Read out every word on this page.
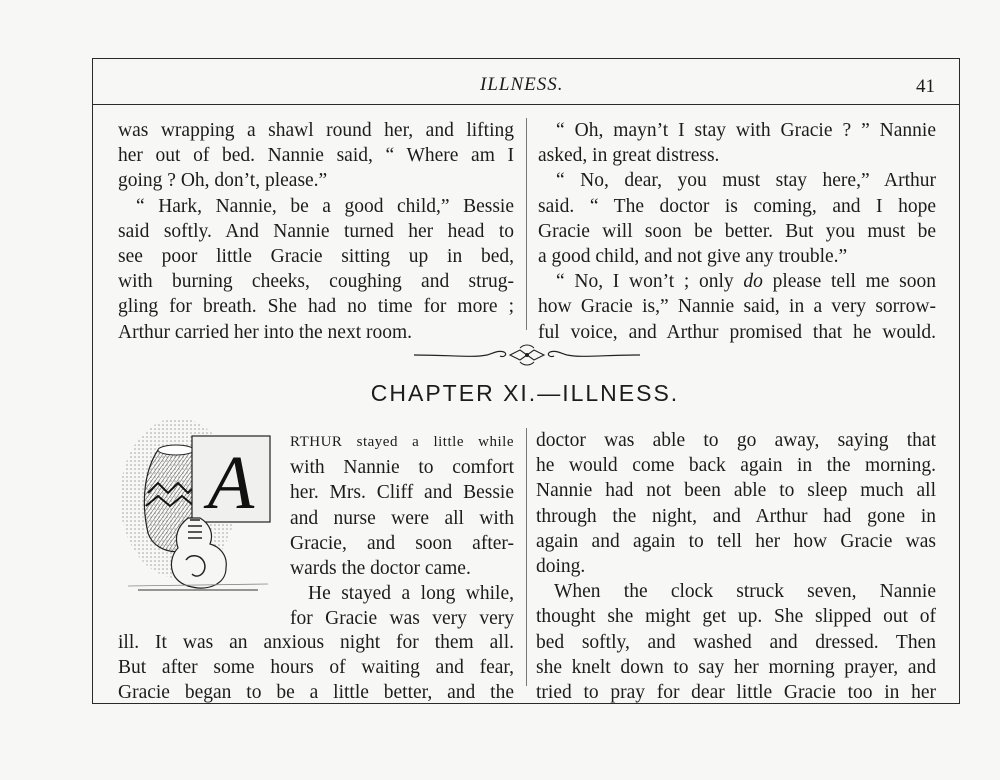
ILLNESS.	41
was wrapping a shawl round her, and lifting
her out of bed. Nannie said, “ Where am I
going ? Oh, don’t, please.”
“ Hark, Nannie, be a good child,” Bessie
said softly. And Nannie turned her head to
see poor little Gracie sitting up in bed,
with burning cheeks, coughing and strug-
gling for breath. She had no time for more ;
Arthur carried her into the next room.
“ Oh, mayn’t I stay with Gracie ? ” Nannie
asked, in great distress.
“ No, dear, you must stay here,” Arthur
said. “ The doctor is coming, and I hope
Gracie will soon be better. But you must be
a good child, and not give any trouble.”
“ No, I won’t ; only do please tell me soon
how Gracie is,” Nannie said, in a very sorrow-
ful voice, and Arthur promised that he would.
CHAPTER XI.—ILLNESS.
A RTHUR stayed a little while
with Nannie to comfort
her. Mrs. Cliff and Bessie
and nurse were all with
Gracie, and soon after-
wards the doctor came.
He stayed a long while,
for Gracie was very very
ill. It was an anxious night for them all.
But after some hours of waiting and fear,
Gracie began to be a little better, and the
doctor was able to go away, saying that
he would come back again in the morning.
Nannie had not been able to sleep much all
through the night, and Arthur had gone in
again and again to tell her how Gracie was
doing.
When the clock struck seven, Nannie
thought she might get up. She slipped out of
bed softly, and washed and dressed. Then
she knelt down to say her morning prayer, and
tried to pray for dear little Gracie too in her
